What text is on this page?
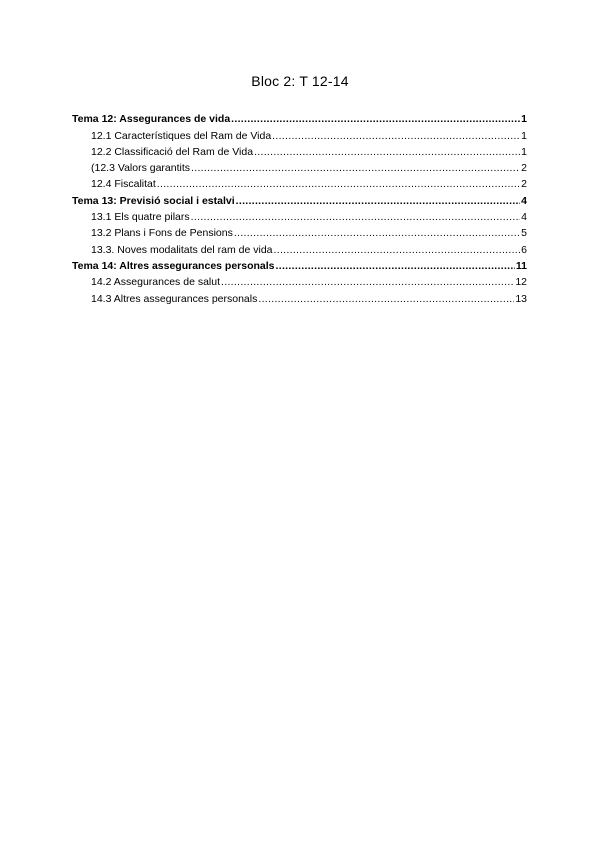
Bloc 2: T 12-14
Tema 12: Assegurances de vida .....	1
12.1 Característiques del Ram de Vida .....	1
12.2 Classificació del Ram de Vida .....	1
(12.3 Valors garantits .....	2
12.4 Fiscalitat .....	2
Tema 13: Previsió social i estalvi .....	4
13.1 Els quatre pilars .....	4
13.2 Plans i Fons de Pensions .....	5
13.3. Noves modalitats del ram de vida .....	6
Tema 14: Altres assegurances personals .....	11
14.2 Assegurances de salut .....	12
14.3 Altres assegurances personals .....	13
